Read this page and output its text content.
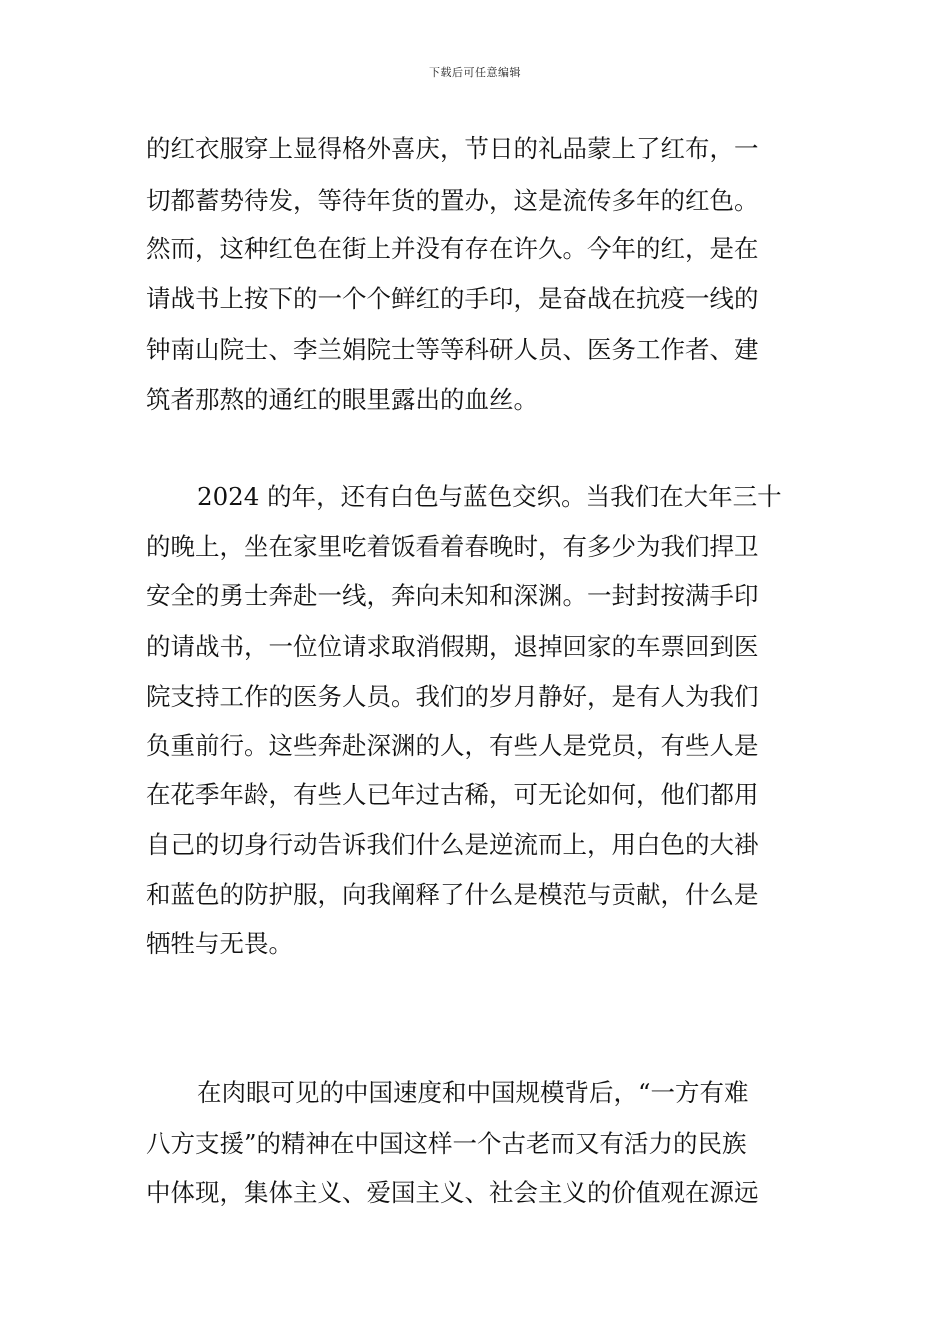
下载后可任意编辑
的红衣服穿上显得格外喜庆，节日的礼品蒙上了红布，一
切都蓄势待发，等待年货的置办，这是流传多年的红色。
然而，这种红色在街上并没有存在许久。今年的红，是在
请战书上按下的一个个鲜红的手印，是奋战在抗疫一线的
钟南山院士、李兰娟院士等等科研人员、医务工作者、建
筑者那熬的通红的眼里露出的血丝。
2024 的年，还有白色与蓝色交织。当我们在大年三十
的晚上，坐在家里吃着饭看着春晚时，有多少为我们捍卫
安全的勇士奔赴一线，奔向未知和深渊。一封封按满手印
的请战书，一位位请求取消假期，退掉回家的车票回到医
院支持工作的医务人员。我们的岁月静好，是有人为我们
负重前行。这些奔赴深渊的人，有些人是党员，有些人是
在花季年龄，有些人已年过古稀，可无论如何，他们都用
自己的切身行动告诉我们什么是逆流而上，用白色的大褂
和蓝色的防护服，向我阐释了什么是模范与贡献，什么是
牺牲与无畏。
在肉眼可见的中国速度和中国规模背后，“一方有难
八方支援”的精神在中国这样一个古老而又有活力的民族
中体现，集体主义、爱国主义、社会主义的价值观在源远
